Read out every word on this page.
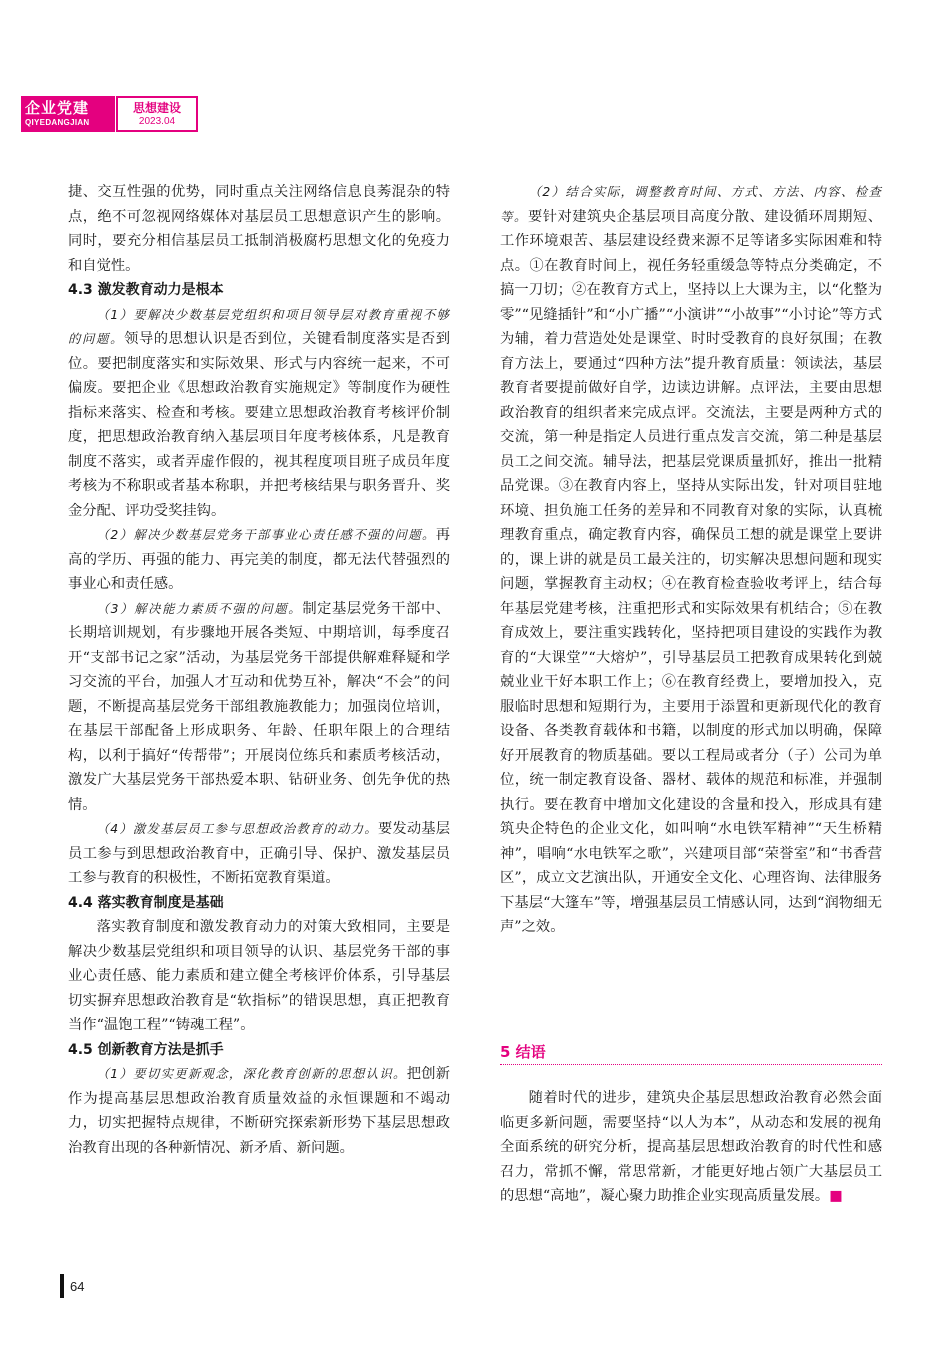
企业党建
QIYEDANGJIAN
思想建设
2023.04

捷、交互性强的优势，同时重点关注网络信息良莠混杂的特点，绝不可忽视网络媒体对基层员工思想意识产生的影响。同时，要充分相信基层员工抵制消极腐朽思想文化的免疫力和自觉性。

4.3 激发教育动力是根本

（1）要解决少数基层党组织和项目领导层对教育重视不够的问题。领导的思想认识是否到位，关键看制度落实是否到位。要把制度落实和实际效果、形式与内容统一起来，不可偏废。要把企业《思想政治教育实施规定》等制度作为硬性指标来落实、检查和考核。要建立思想政治教育考核评价制度，把思想政治教育纳入基层项目年度考核体系，凡是教育制度不落实，或者弄虚作假的，视其程度项目班子成员年度考核为不称职或者基本称职，并把考核结果与职务晋升、奖金分配、评功受奖挂钩。

（2）解决少数基层党务干部事业心责任感不强的问题。再高的学历、再强的能力、再完美的制度，都无法代替强烈的事业心和责任感。

（3）解决能力素质不强的问题。制定基层党务干部中、长期培训规划，有步骤地开展各类短、中期培训，每季度召开“支部书记之家”活动，为基层党务干部提供解难释疑和学习交流的平台，加强人才互动和优势互补，解决“不会”的问题，不断提高基层党务干部组教施教能力；加强岗位培训，在基层干部配备上形成职务、年龄、任职年限上的合理结构，以利于搞好“传帮带”；开展岗位练兵和素质考核活动，激发广大基层党务干部热爱本职、钻研业务、创先争优的热情。

（4）激发基层员工参与思想政治教育的动力。要发动基层员工参与到思想政治教育中，正确引导、保护、激发基层员工参与教育的积极性，不断拓宽教育渠道。

4.4 落实教育制度是基础

落实教育制度和激发教育动力的对策大致相同，主要是解决少数基层党组织和项目领导的认识、基层党务干部的事业心责任感、能力素质和建立健全考核评价体系，引导基层切实摒弃思想政治教育是“软指标”的错误思想，真正把教育当作“温饱工程”“铸魂工程”。

4.5 创新教育方法是抓手

（1）要切实更新观念，深化教育创新的思想认识。把创新作为提高基层思想政治教育质量效益的永恒课题和不竭动力，切实把握特点规律，不断研究探索新形势下基层思想政治教育出现的各种新情况、新矛盾、新问题。

（2）结合实际，调整教育时间、方式、方法、内容、检查等。要针对建筑央企基层项目高度分散、建设循环周期短、工作环境艰苦、基层建设经费来源不足等诸多实际困难和特点。①在教育时间上，视任务轻重缓急等特点分类确定，不搞一刀切；②在教育方式上，坚持以上大课为主，以“化整为零”“见缝插针”和“小广播”“小演讲”“小故事”“小讨论”等方式为辅，着力营造处处是课堂、时时受教育的良好氛围；在教育方法上，要通过“四种方法”提升教育质量：领读法，基层教育者要提前做好自学，边读边讲解。点评法，主要由思想政治教育的组织者来完成点评。交流法，主要是两种方式的交流，第一种是指定人员进行重点发言交流，第二种是基层员工之间交流。辅导法，把基层党课质量抓好，推出一批精品党课。③在教育内容上，坚持从实际出发，针对项目驻地环境、担负施工任务的差异和不同教育对象的实际，认真梳理教育重点，确定教育内容，确保员工想的就是课堂上要讲的，课上讲的就是员工最关注的，切实解决思想问题和现实问题，掌握教育主动权；④在教育检查验收考评上，结合每年基层党建考核，注重把形式和实际效果有机结合；⑤在教育成效上，要注重实践转化，坚持把项目建设的实践作为教育的“大课堂”“大熔炉”，引导基层员工把教育成果转化到兢兢业业干好本职工作上；⑥在教育经费上，要增加投入，克服临时思想和短期行为，主要用于添置和更新现代化的教育设备、各类教育载体和书籍，以制度的形式加以明确，保障好开展教育的物质基础。要以工程局或者分（子）公司为单位，统一制定教育设备、器材、载体的规范和标准，并强制执行。要在教育中增加文化建设的含量和投入，形成具有建筑央企特色的企业文化，如叫响“水电铁军精神”“天生桥精神”，唱响“水电铁军之歌”，兴建项目部“荣誉室”和“书香营区”，成立文艺演出队，开通安全文化、心理咨询、法律服务下基层“大篷车”等，增强基层员工情感认同，达到“润物细无声”之效。

5 结语

随着时代的进步，建筑央企基层思想政治教育必然会面临更多新问题，需要坚持“以人为本”，从动态和发展的视角全面系统的研究分析，提高基层思想政治教育的时代性和感召力，常抓不懈，常思常新，才能更好地占领广大基层员工的思想“高地”，凝心聚力助推企业实现高质量发展。■

64
